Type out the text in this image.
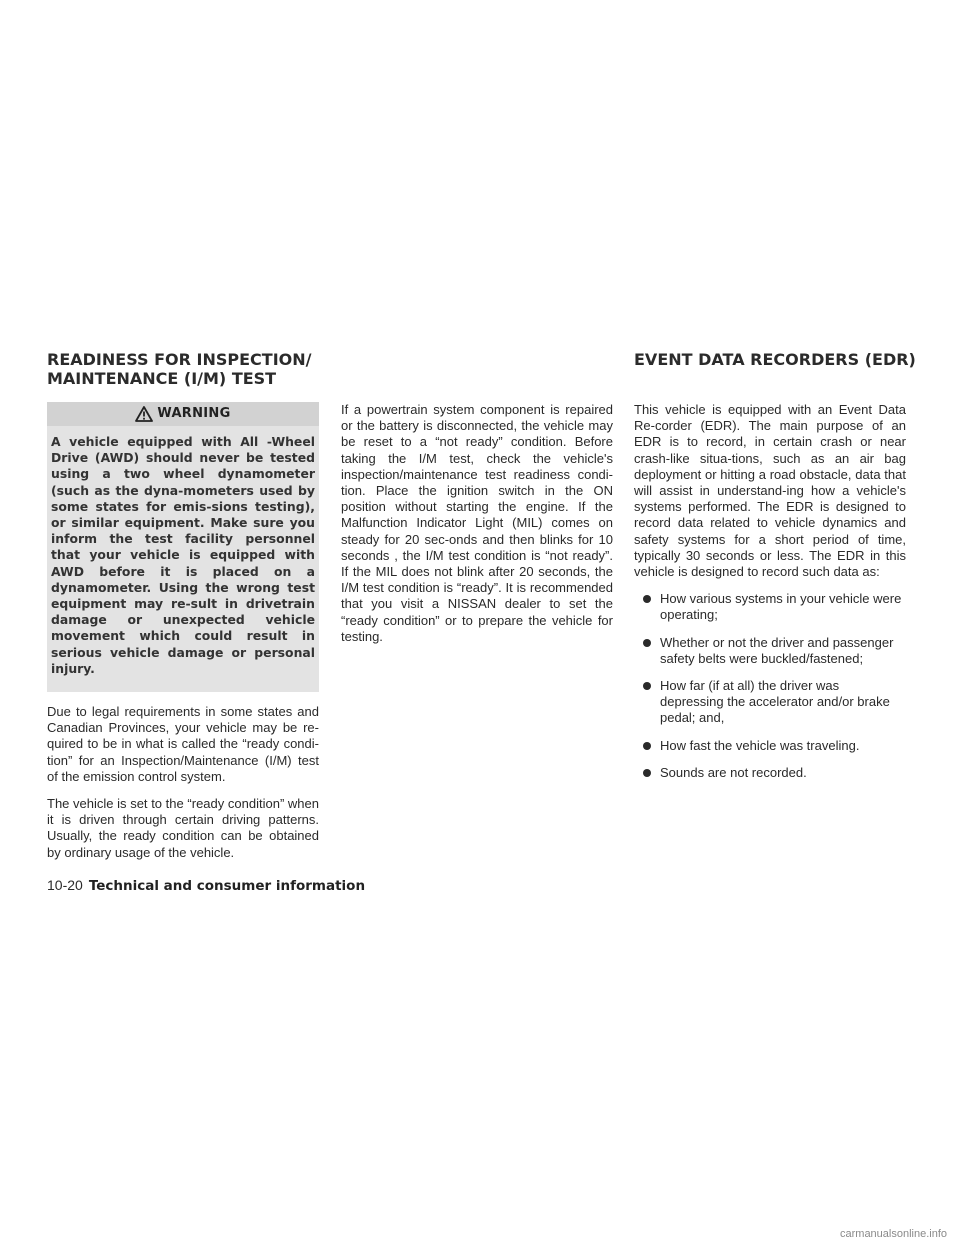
READINESS FOR INSPECTION/
MAINTENANCE (I/M) TEST
EVENT DATA RECORDERS (EDR)
WARNING

A vehicle equipped with All -Wheel Drive (AWD) should never be tested using a two wheel dynamometer (such as the dyna-mometers used by some states for emis-sions testing), or similar equipment. Make sure you inform the test facility personnel that your vehicle is equipped with AWD before it is placed on a dynamometer. Using the wrong test equipment may re-sult in drivetrain damage or unexpected vehicle movement which could result in serious vehicle damage or personal injury.

Due to legal requirements in some states and Canadian Provinces, your vehicle may be re-quired to be in what is called the “ready condi-tion” for an Inspection/Maintenance (I/M) test of the emission control system.

The vehicle is set to the “ready condition” when it is driven through certain driving patterns. Usually, the ready condition can be obtained by ordinary usage of the vehicle.

If a powertrain system component is repaired or the battery is disconnected, the vehicle may be reset to a “not ready” condition. Before taking the I/M test, check the vehicle's inspection/maintenance test readiness condi-tion. Place the ignition switch in the ON position without starting the engine. If the Malfunction Indicator Light (MIL) comes on steady for 20 sec-onds and then blinks for 10 seconds , the I/M test condition is “not ready”. If the MIL does not blink after 20 seconds, the I/M test condition is “ready”. It is recommended that you visit a NISSAN dealer to set the “ready condition” or to prepare the vehicle for testing.

This vehicle is equipped with an Event Data Re-corder (EDR). The main purpose of an EDR is to record, in certain crash or near crash-like situa-tions, such as an air bag deployment or hitting a road obstacle, data that will assist in understand-ing how a vehicle's systems performed. The EDR is designed to record data related to vehicle dynamics and safety systems for a short period of time, typically 30 seconds or less. The EDR in this vehicle is designed to record such data as:

How various systems in your vehicle were operating;
Whether or not the driver and passenger safety belts were buckled/fastened;
How far (if at all) the driver was depressing the accelerator and/or brake pedal; and,
How fast the vehicle was traveling.
Sounds are not recorded.
10-20 Technical and consumer information
carmanualsonline.info
